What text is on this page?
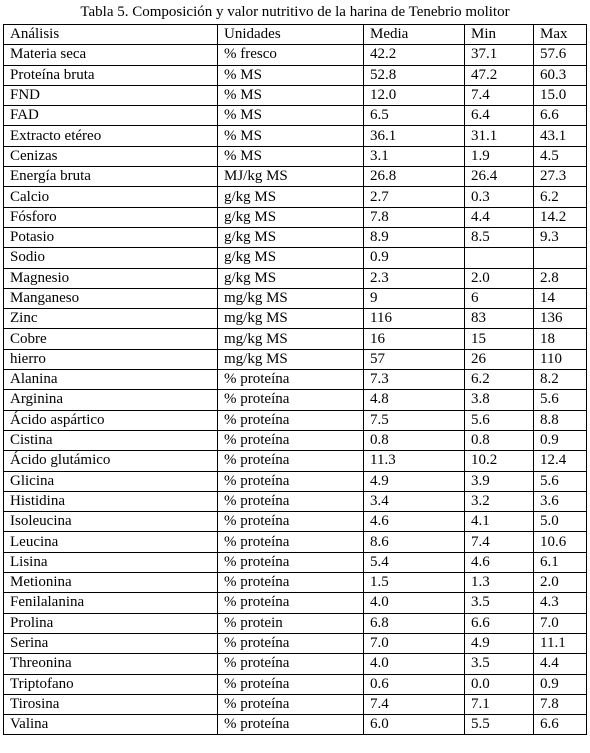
Tabla 5. Composición y valor nutritivo de la harina de Tenebrio molitor
Análisis	Unidades	Media	Min	Max
Materia seca	% fresco	42.2	37.1	57.6
Proteína bruta	% MS	52.8	47.2	60.3
FND	% MS	12.0	7.4	15.0
FAD	% MS	6.5	6.4	6.6
Extracto etéreo	% MS	36.1	31.1	43.1
Cenizas	% MS	3.1	1.9	4.5
Energía bruta	MJ/kg MS	26.8	26.4	27.3
Calcio	g/kg MS	2.7	0.3	6.2
Fósforo	g/kg MS	7.8	4.4	14.2
Potasio	g/kg MS	8.9	8.5	9.3
Sodio	g/kg MS	0.9		
Magnesio	g/kg MS	2.3	2.0	2.8
Manganeso	mg/kg MS	9	6	14
Zinc	mg/kg MS	116	83	136
Cobre	mg/kg MS	16	15	18
hierro	mg/kg MS	57	26	110
Alanina	% proteína	7.3	6.2	8.2
Arginina	% proteína	4.8	3.8	5.6
Ácido aspártico	% proteína	7.5	5.6	8.8
Cistina	% proteína	0.8	0.8	0.9
Ácido glutámico	% proteína	11.3	10.2	12.4
Glicina	% proteína	4.9	3.9	5.6
Histidina	% proteína	3.4	3.2	3.6
Isoleucina	% proteína	4.6	4.1	5.0
Leucina	% proteína	8.6	7.4	10.6
Lisina	% proteína	5.4	4.6	6.1
Metionina	% proteína	1.5	1.3	2.0
Fenilalanina	% proteína	4.0	3.5	4.3
Prolina	% protein	6.8	6.6	7.0
Serina	% proteína	7.0	4.9	11.1
Threonina	% proteína	4.0	3.5	4.4
Triptofano	% proteína	0.6	0.0	0.9
Tirosina	% proteína	7.4	7.1	7.8
Valina	% proteína	6.0	5.5	6.6
